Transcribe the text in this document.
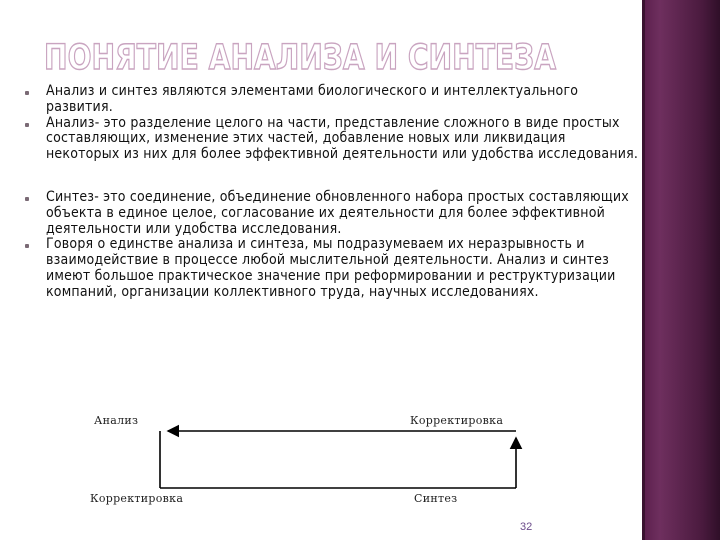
ПОНЯТИЕ АНАЛИЗА И СИНТЕЗА
Анализ и синтез являются элементами биологического и интеллектуального развития.
Анализ- это разделение целого на части, представление сложного в виде простых составляющих, изменение этих частей, добавление новых или ликвидация некоторых из них для более эффективной деятельности или удобства исследования.
Синтез- это соединение, объединение обновленного набора простых составляющих объекта в единое целое, согласование их деятельности для более эффективной деятельности или удобства исследования.
Говоря о единстве анализа и синтеза, мы подразумеваем их неразрывность и взаимодействие в процессе любой мыслительной деятельности. Анализ и синтез имеют большое практическое значение при реформировании и реструктуризации компаний, организации коллективного труда, научных исследованиях.
Анализ	Корректировка
Корректировка	Синтез
32
